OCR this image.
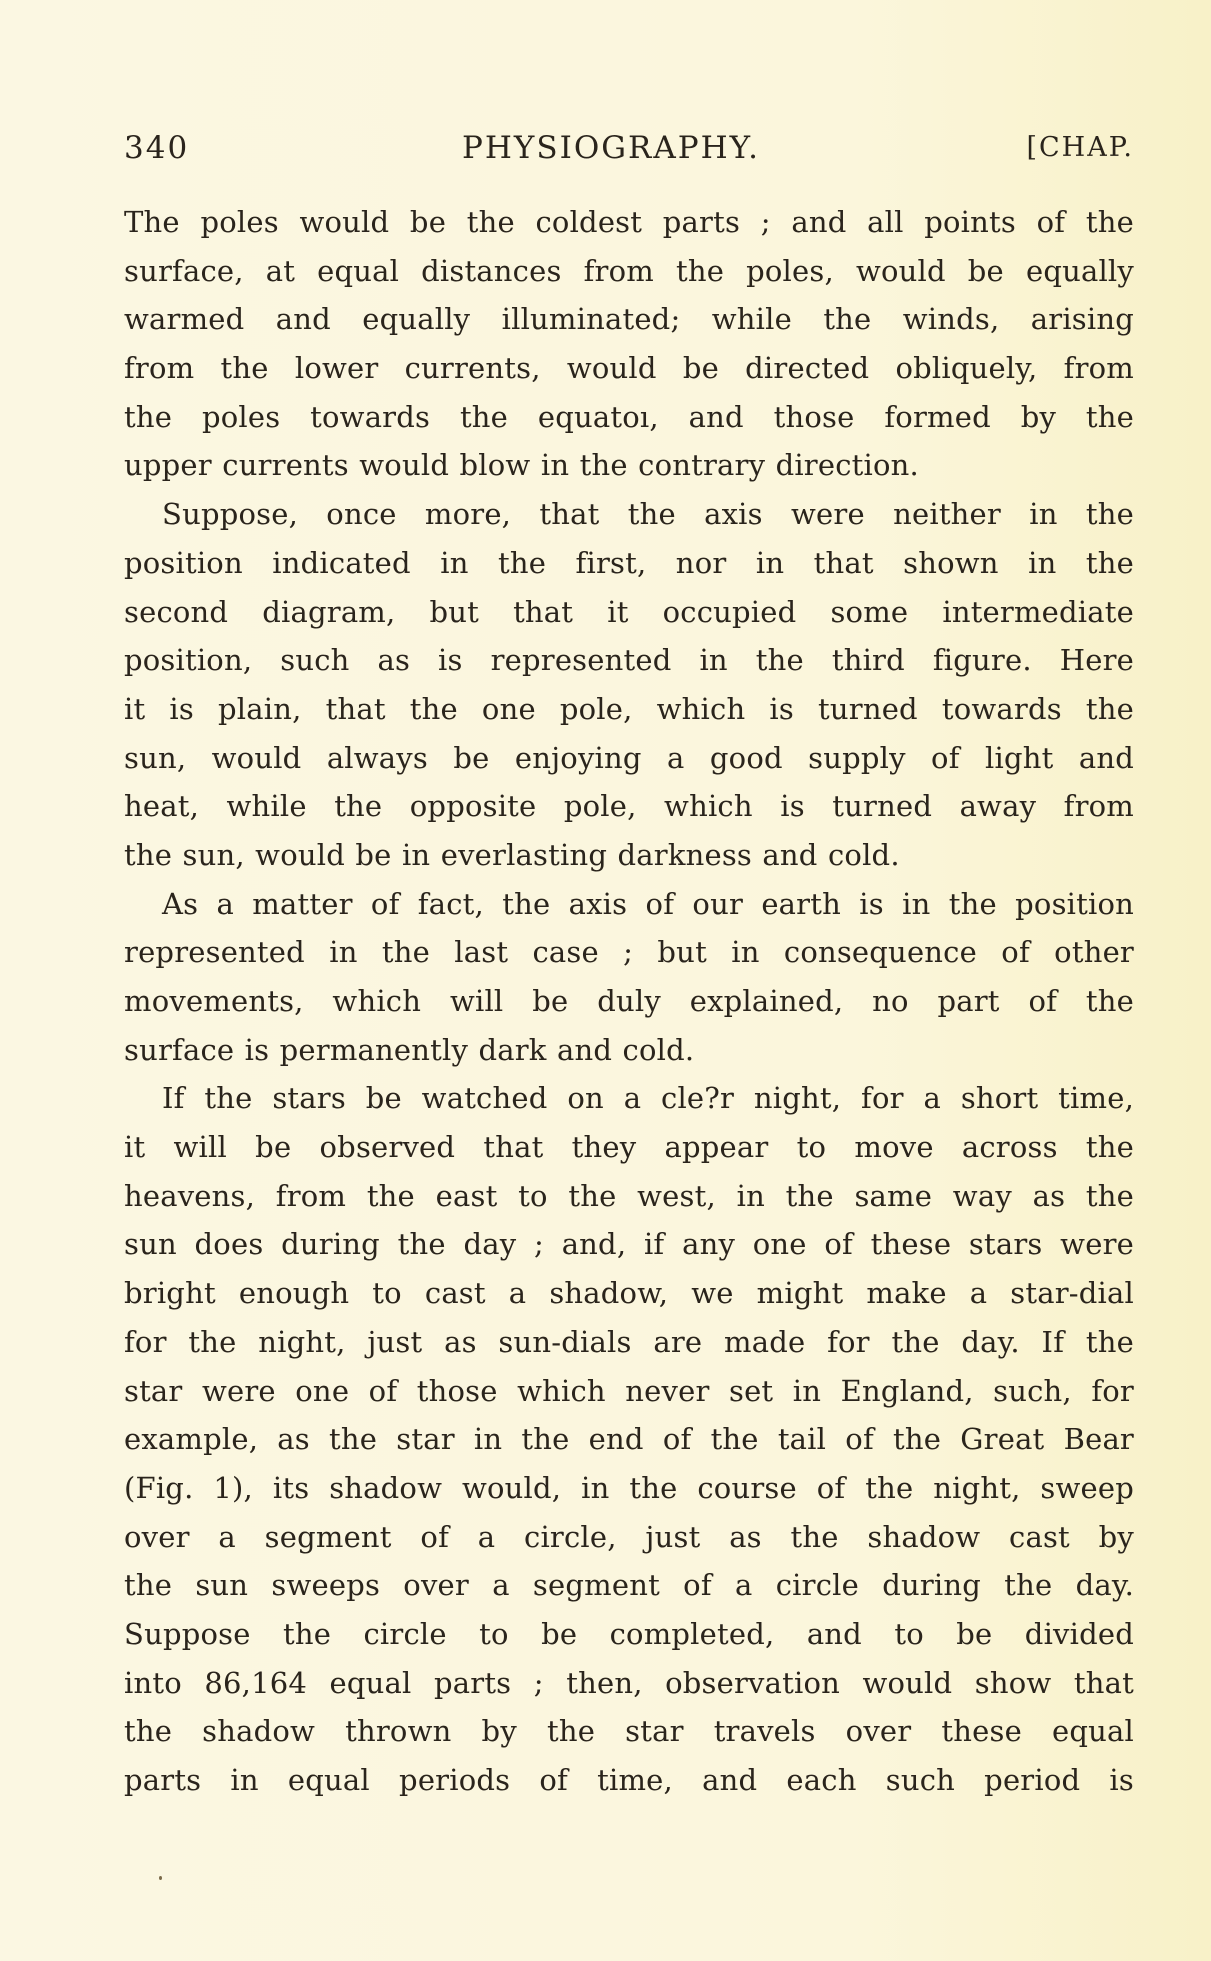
340	PHYSIOGRAPHY.	[CHAP.
The poles would be the coldest parts ; and all points of the
surface, at equal distances from the poles, would be equally
warmed and equally illuminated; while the winds, arising
from the lower currents, would be directed obliquely, from
the poles towards the equatoı, and those formed by the
upper currents would blow in the contrary direction.
Suppose, once more, that the axis were neither in the
position indicated in the first, nor in that shown in the
second diagram, but that it occupied some intermediate
position, such as is represented in the third figure. Here
it is plain, that the one pole, which is turned towards the
sun, would always be enjoying a good supply of light and
heat, while the opposite pole, which is turned away from
the sun, would be in everlasting darkness and cold.
As a matter of fact, the axis of our earth is in the position
represented in the last case ; but in consequence of other
movements, which will be duly explained, no part of the
surface is permanently dark and cold.
If the stars be watched on a cle?r night, for a short time,
it will be observed that they appear to move across the
heavens, from the east to the west, in the same way as the
sun does during the day ; and, if any one of these stars were
bright enough to cast a shadow, we might make a star-dial
for the night, just as sun-dials are made for the day. If the
star were one of those which never set in England, such, for
example, as the star in the end of the tail of the Great Bear
(Fig. 1), its shadow would, in the course of the night, sweep
over a segment of a circle, just as the shadow cast by
the sun sweeps over a segment of a circle during the day.
Suppose the circle to be completed, and to be divided
into 86,164 equal parts ; then, observation would show that
the shadow thrown by the star travels over these equal
parts in equal periods of time, and each such period is
